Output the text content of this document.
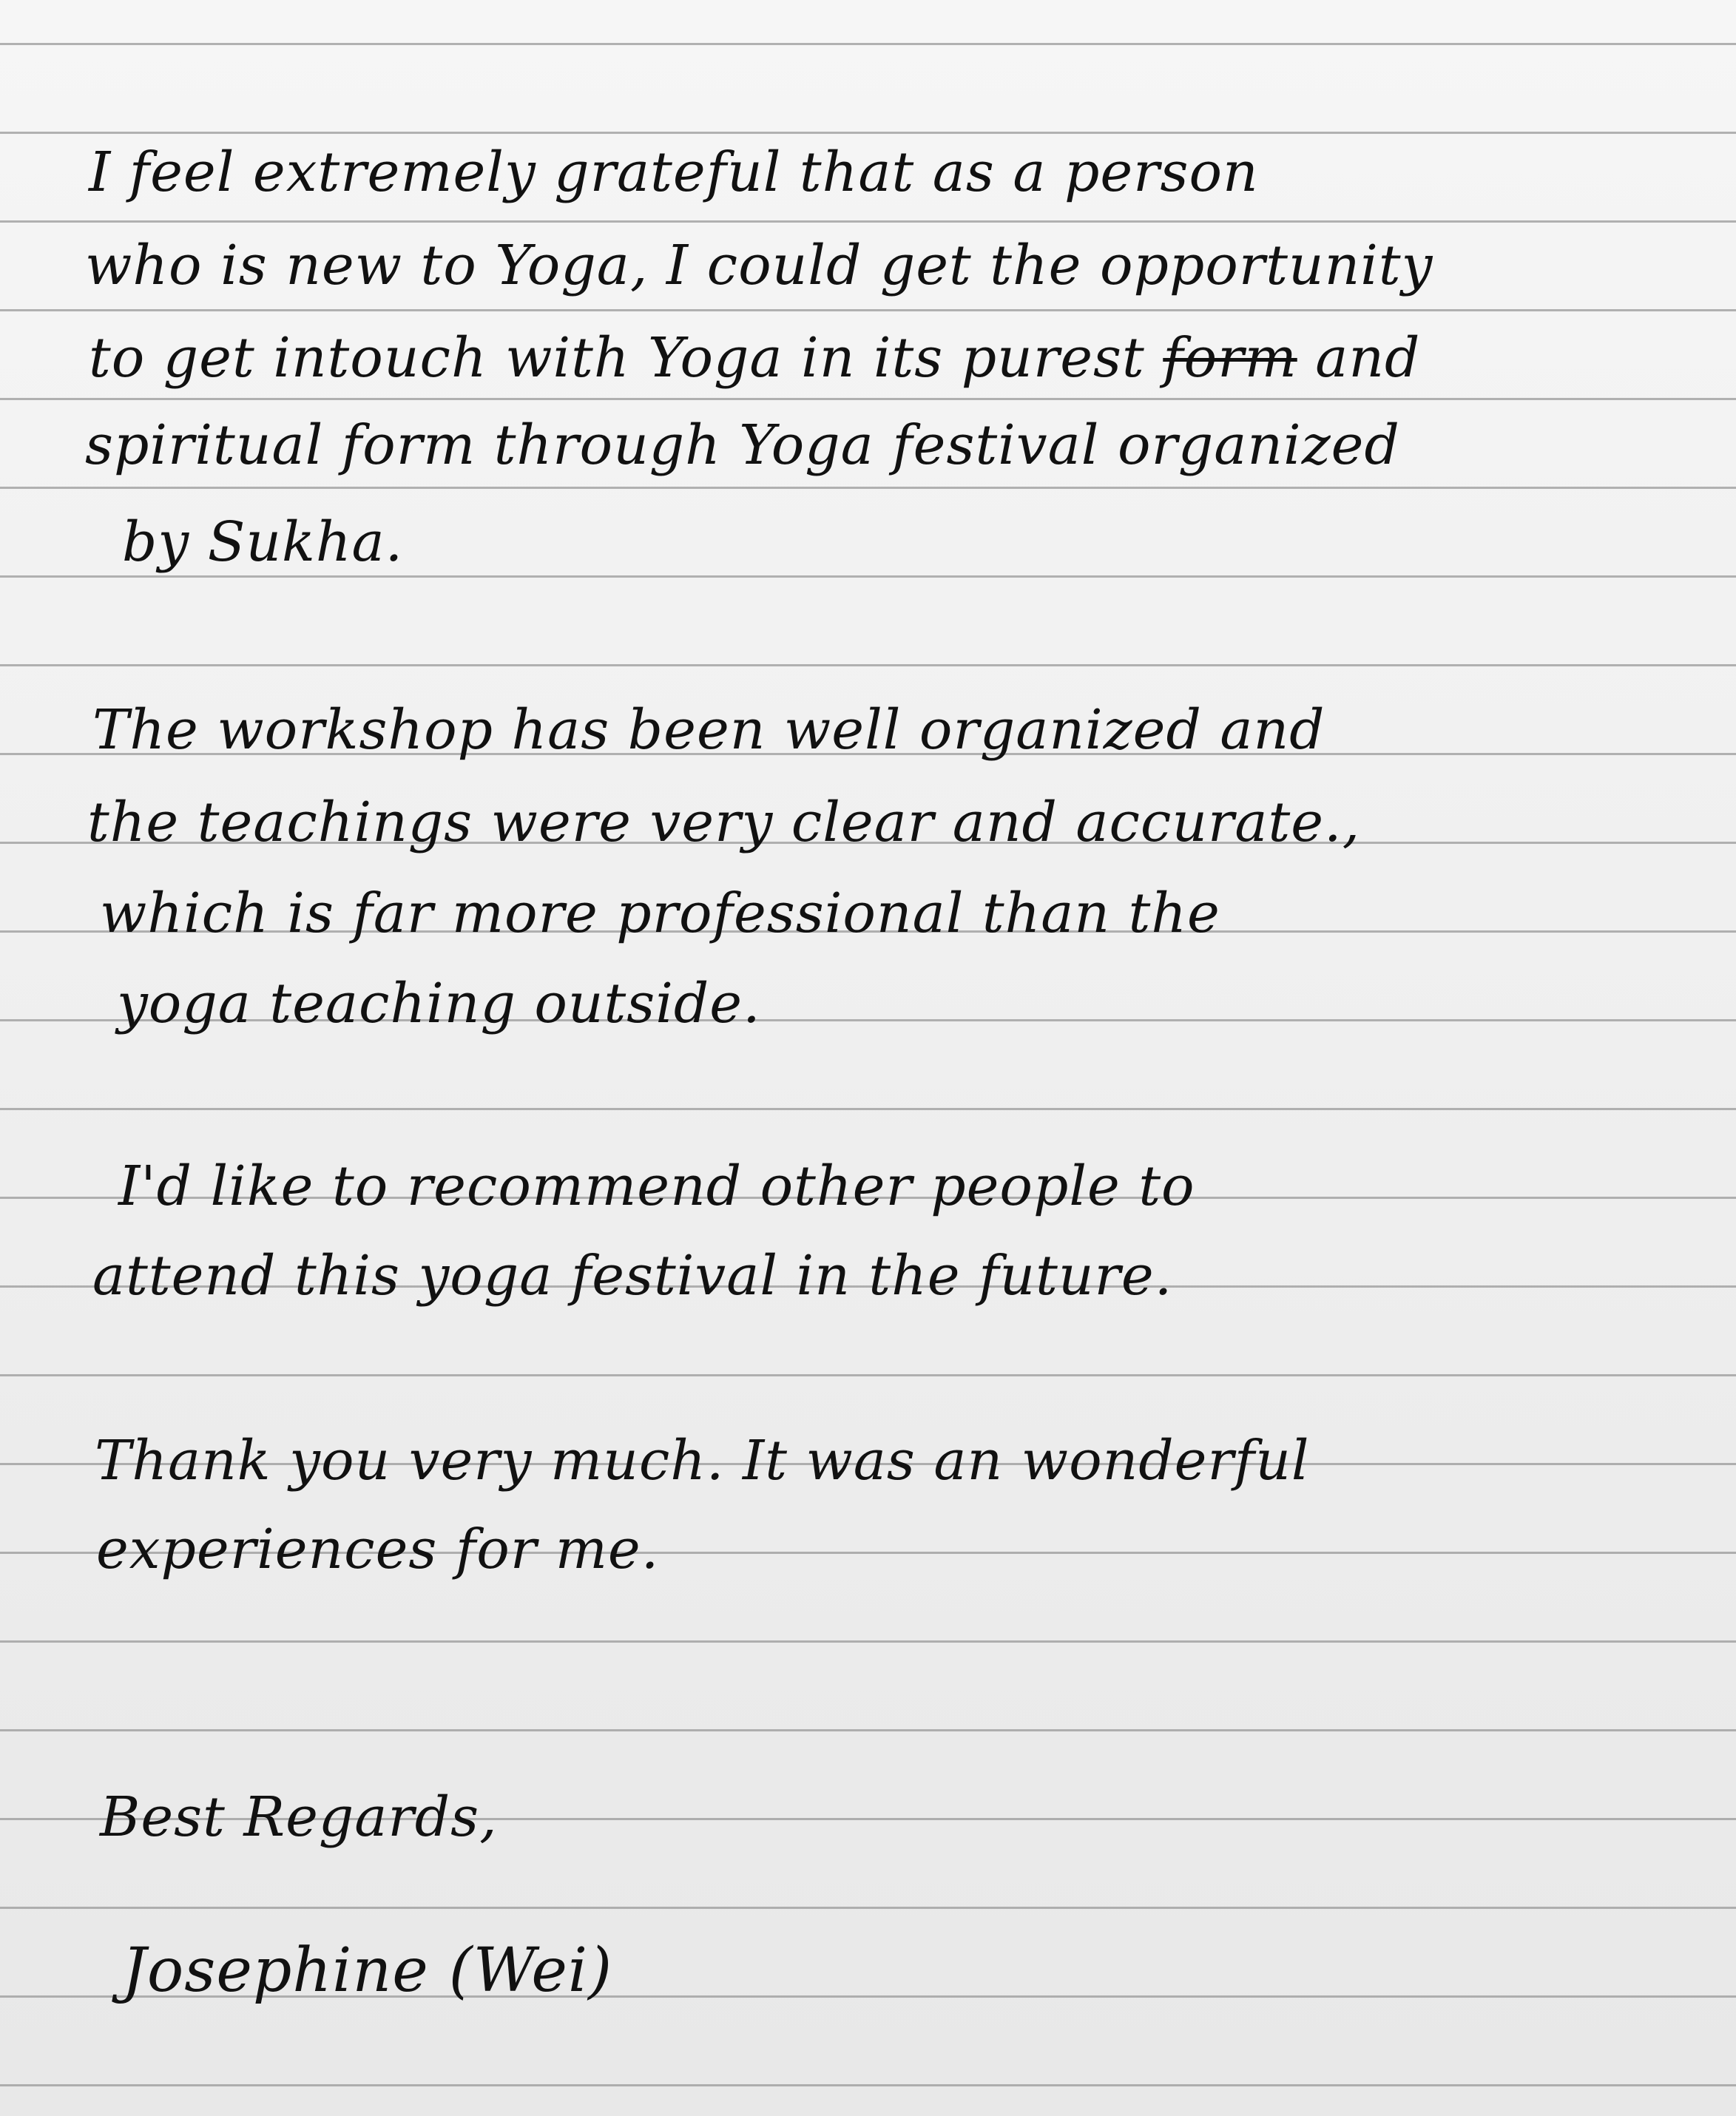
I feel extremely grateful that as a person
who is new to Yoga, I could get the opportunity
to get intouch with Yoga in its purest form and
spiritual form through Yoga festival organized
by Sukha.
The workshop has been well organized and
the teachings were very clear and accurate.,
which is far more professional than the
yoga teaching outside.
I'd like to recommend other people to
attend this yoga festival in the future.
Thank you very much. It was an wonderful
experiences for me.
Best Regards,
Josephine (Wei)
